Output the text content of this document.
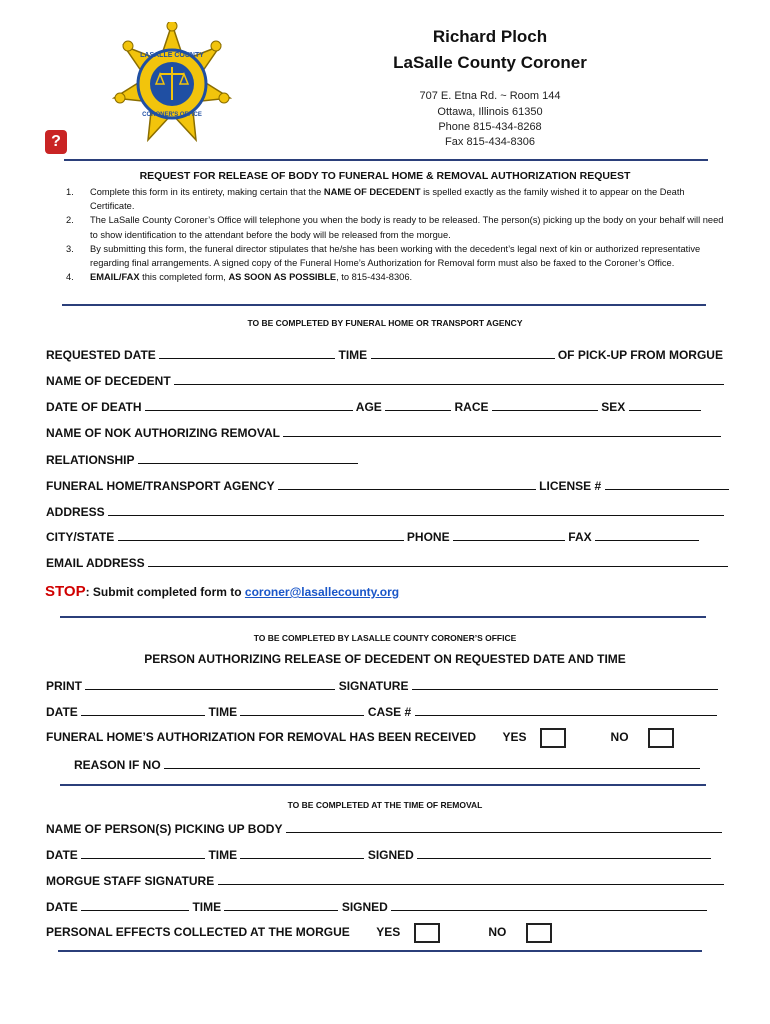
LASALLE COUNTY
CORONER'S OFFICE
?
Richard Ploch
LaSalle County Coroner
707 E. Etna Rd. ~ Room 144
Ottawa, Illinois 61350
Phone 815-434-8268
Fax 815-434-8306
REQUEST FOR RELEASE OF BODY TO FUNERAL HOME & REMOVAL AUTHORIZATION REQUEST
1. Complete this form in its entirety, making certain that the NAME OF DECEDENT is spelled exactly as the family wished it to appear on the Death Certificate.
2. The LaSalle County Coroner’s Office will telephone you when the body is ready to be released. The person(s) picking up the body on your behalf will need to show identification to the attendant before the body will be released from the morgue.
3. By submitting this form, the funeral director stipulates that he/she has been working with the decedent’s legal next of kin or authorized representative regarding final arrangements. A signed copy of the Funeral Home’s Authorization for Removal form must also be faxed to the Coroner’s Office.
4. EMAIL/FAX this completed form, AS SOON AS POSSIBLE, to 815-434-8306.
TO BE COMPLETED BY FUNERAL HOME OR TRANSPORT AGENCY
REQUESTED DATE	TIME	OF PICK-UP FROM MORGUE
NAME OF DECEDENT
DATE OF DEATH	AGE	RACE	SEX
NAME OF NOK AUTHORIZING REMOVAL
RELATIONSHIP
FUNERAL HOME/TRANSPORT AGENCY	LICENSE #
ADDRESS
CITY/STATE	PHONE	FAX
EMAIL ADDRESS
STOP: Submit completed form to coroner@lasallecounty.org
TO BE COMPLETED BY LASALLE COUNTY CORONER’S OFFICE
PERSON AUTHORIZING RELEASE OF DECEDENT ON REQUESTED DATE AND TIME
PRINT	SIGNATURE
DATE	TIME	CASE #
FUNERAL HOME’S AUTHORIZATION FOR REMOVAL HAS BEEN RECEIVED YES	NO
REASON IF NO
TO BE COMPLETED AT THE TIME OF REMOVAL
NAME OF PERSON(S) PICKING UP BODY
DATE	TIME	SIGNED
MORGUE STAFF SIGNATURE
DATE	TIME	SIGNED
PERSONAL EFFECTS COLLECTED AT THE MORGUE YES	NO
